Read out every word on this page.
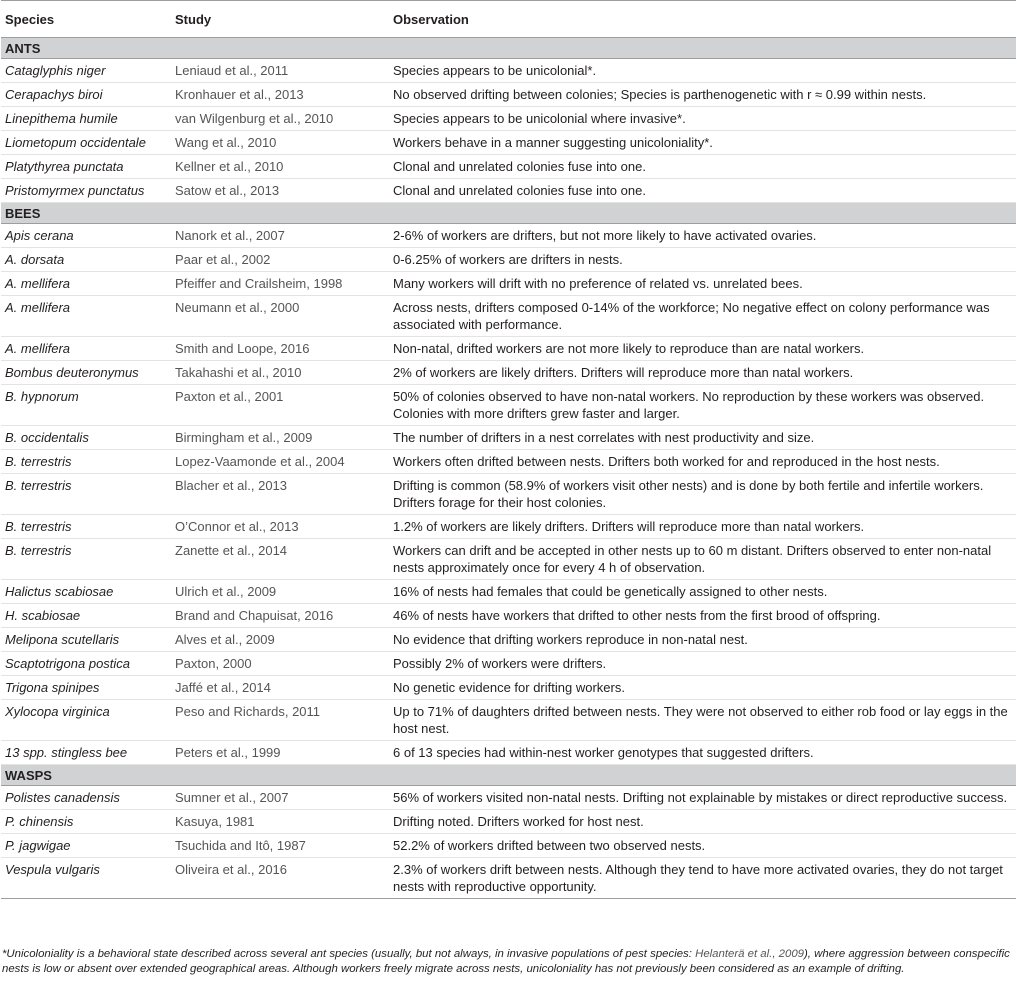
Species	Study	Observation
ANTS		
Cataglyphis niger	Leniaud et al., 2011	Species appears to be unicolonial*.
Cerapachys biroi	Kronhauer et al., 2013	No observed drifting between colonies; Species is parthenogenetic with r ≈ 0.99 within nests.
Linepithema humile	van Wilgenburg et al., 2010	Species appears to be unicolonial where invasive*.
Liometopum occidentale	Wang et al., 2010	Workers behave in a manner suggesting unicoloniality*.
Platythyrea punctata	Kellner et al., 2010	Clonal and unrelated colonies fuse into one.
Pristomyrmex punctatus	Satow et al., 2013	Clonal and unrelated colonies fuse into one.
BEES		
Apis cerana	Nanork et al., 2007	2-6% of workers are drifters, but not more likely to have activated ovaries.
A. dorsata	Paar et al., 2002	0-6.25% of workers are drifters in nests.
A. mellifera	Pfeiffer and Crailsheim, 1998	Many workers will drift with no preference of related vs. unrelated bees.
A. mellifera	Neumann et al., 2000	Across nests, drifters composed 0-14% of the workforce; No negative effect on colony performance was associated with performance.
A. mellifera	Smith and Loope, 2016	Non-natal, drifted workers are not more likely to reproduce than are natal workers.
Bombus deuteronymus	Takahashi et al., 2010	2% of workers are likely drifters. Drifters will reproduce more than natal workers.
B. hypnorum	Paxton et al., 2001	50% of colonies observed to have non-natal workers. No reproduction by these workers was observed. Colonies with more drifters grew faster and larger.
B. occidentalis	Birmingham et al., 2009	The number of drifters in a nest correlates with nest productivity and size.
B. terrestris	Lopez-Vaamonde et al., 2004	Workers often drifted between nests. Drifters both worked for and reproduced in the host nests.
B. terrestris	Blacher et al., 2013	Drifting is common (58.9% of workers visit other nests) and is done by both fertile and infertile workers. Drifters forage for their host colonies.
B. terrestris	O’Connor et al., 2013	1.2% of workers are likely drifters. Drifters will reproduce more than natal workers.
B. terrestris	Zanette et al., 2014	Workers can drift and be accepted in other nests up to 60 m distant. Drifters observed to enter non-natal nests approximately once for every 4 h of observation.
Halictus scabiosae	Ulrich et al., 2009	16% of nests had females that could be genetically assigned to other nests.
H. scabiosae	Brand and Chapuisat, 2016	46% of nests have workers that drifted to other nests from the first brood of offspring.
Melipona scutellaris	Alves et al., 2009	No evidence that drifting workers reproduce in non-natal nest.
Scaptotrigona postica	Paxton, 2000	Possibly 2% of workers were drifters.
Trigona spinipes	Jaffé et al., 2014	No genetic evidence for drifting workers.
Xylocopa virginica	Peso and Richards, 2011	Up to 71% of daughters drifted between nests. They were not observed to either rob food or lay eggs in the host nest.
13 spp. stingless bee	Peters et al., 1999	6 of 13 species had within-nest worker genotypes that suggested drifters.
WASPS		
Polistes canadensis	Sumner et al., 2007	56% of workers visited non-natal nests. Drifting not explainable by mistakes or direct reproductive success.
P. chinensis	Kasuya, 1981	Drifting noted. Drifters worked for host nest.
P. jagwigae	Tsuchida and Itô, 1987	52.2% of workers drifted between two observed nests.
Vespula vulgaris	Oliveira et al., 2016	2.3% of workers drift between nests. Although they tend to have more activated ovaries, they do not target nests with reproductive opportunity.
*Unicoloniality is a behavioral state described across several ant species (usually, but not always, in invasive populations of pest species: Helanterä et al., 2009), where aggression between conspecific nests is low or absent over extended geographical areas. Although workers freely migrate across nests, unicoloniality has not previously been considered as an example of drifting.
